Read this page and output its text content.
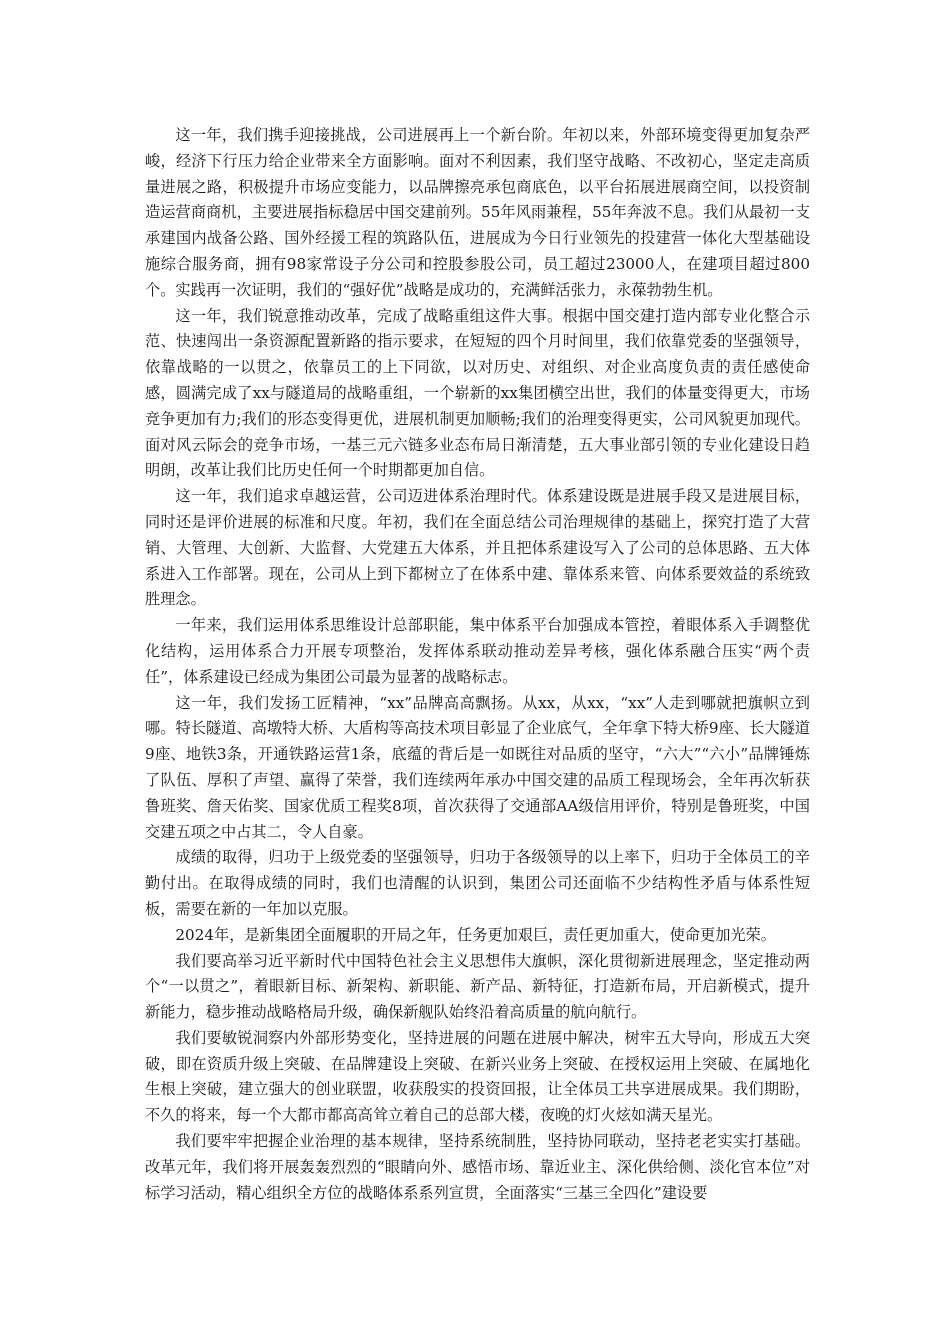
这一年，我们携手迎接挑战，公司进展再上一个新台阶。年初以来，外部环境变得更加复杂严峻，经济下行压力给企业带来全方面影响。面对不利因素，我们坚守战略、不改初心，坚定走高质量进展之路，积极提升市场应变能力，以品牌擦亮承包商底色，以平台拓展进展商空间，以投资制造运营商商机，主要进展指标稳居中国交建前列。55年风雨兼程，55年奔波不息。我们从最初一支承建国内战备公路、国外经援工程的筑路队伍，进展成为今日行业领先的投建营一体化大型基础设施综合服务商，拥有98家常设子分公司和控股参股公司，员工超过23000人，在建项目超过800个。实践再一次证明，我们的“强好优”战略是成功的，充满鲜活张力，永葆勃勃生机。

这一年，我们锐意推动改革，完成了战略重组这件大事。根据中国交建打造内部专业化整合示范、快速闯出一条资源配置新路的指示要求，在短短的四个月时间里，我们依靠党委的坚强领导，依靠战略的一以贯之，依靠员工的上下同欲，以对历史、对组织、对企业高度负责的责任感使命感，圆满完成了xx与隧道局的战略重组，一个崭新的xx集团横空出世，我们的体量变得更大，市场竞争更加有力;我们的形态变得更优，进展机制更加顺畅;我们的治理变得更实，公司风貌更加现代。面对风云际会的竞争市场，一基三元六链多业态布局日渐清楚，五大事业部引领的专业化建设日趋明朗，改革让我们比历史任何一个时期都更加自信。

这一年，我们追求卓越运营，公司迈进体系治理时代。体系建设既是进展手段又是进展目标，同时还是评价进展的标准和尺度。年初，我们在全面总结公司治理规律的基础上，探究打造了大营销、大管理、大创新、大监督、大党建五大体系，并且把体系建设写入了公司的总体思路、五大体系进入工作部署。现在，公司从上到下都树立了在体系中建、靠体系来管、向体系要效益的系统致胜理念。

一年来，我们运用体系思维设计总部职能，集中体系平台加强成本管控，着眼体系入手调整优化结构，运用体系合力开展专项整治，发挥体系联动推动差异考核，强化体系融合压实“两个责任”，体系建设已经成为集团公司最为显著的战略标志。

这一年，我们发扬工匠精神，“xx”品牌高高飘扬。从xx，从xx，“xx”人走到哪就把旗帜立到哪。特长隧道、高墩特大桥、大盾构等高技术项目彰显了企业底气，全年拿下特大桥9座、长大隧道9座、地铁3条，开通铁路运营1条，底蕴的背后是一如既往对品质的坚守，“六大”“六小”品牌锤炼了队伍、厚积了声望、赢得了荣誉，我们连续两年承办中国交建的品质工程现场会，全年再次斩获鲁班奖、詹天佑奖、国家优质工程奖8项，首次获得了交通部AA级信用评价，特别是鲁班奖，中国交建五项之中占其二，令人自豪。

成绩的取得，归功于上级党委的坚强领导，归功于各级领导的以上率下，归功于全体员工的辛勤付出。在取得成绩的同时，我们也清醒的认识到，集团公司还面临不少结构性矛盾与体系性短板，需要在新的一年加以克服。

2024年，是新集团全面履职的开局之年，任务更加艰巨，责任更加重大，使命更加光荣。

我们要高举习近平新时代中国特色社会主义思想伟大旗帜，深化贯彻新进展理念，坚定推动两个“一以贯之”，着眼新目标、新架构、新职能、新产品、新特征，打造新布局，开启新模式，提升新能力，稳步推动战略格局升级，确保新舰队始终沿着高质量的航向航行。

我们要敏锐洞察内外部形势变化，坚持进展的问题在进展中解决，树牢五大导向，形成五大突破，即在资质升级上突破、在品牌建设上突破、在新兴业务上突破、在授权运用上突破、在属地化生根上突破，建立强大的创业联盟，收获殷实的投资回报，让全体员工共享进展成果。我们期盼，不久的将来，每一个大都市都高高耸立着自己的总部大楼，夜晚的灯火炫如满天星光。

我们要牢牢把握企业治理的基本规律，坚持系统制胜，坚持协同联动，坚持老老实实打基础。改革元年，我们将开展轰轰烈烈的“眼睛向外、感悟市场、靠近业主、深化供给侧、淡化官本位”对标学习活动，精心组织全方位的战略体系系列宣贯，全面落实“三基三全四化”建设要
